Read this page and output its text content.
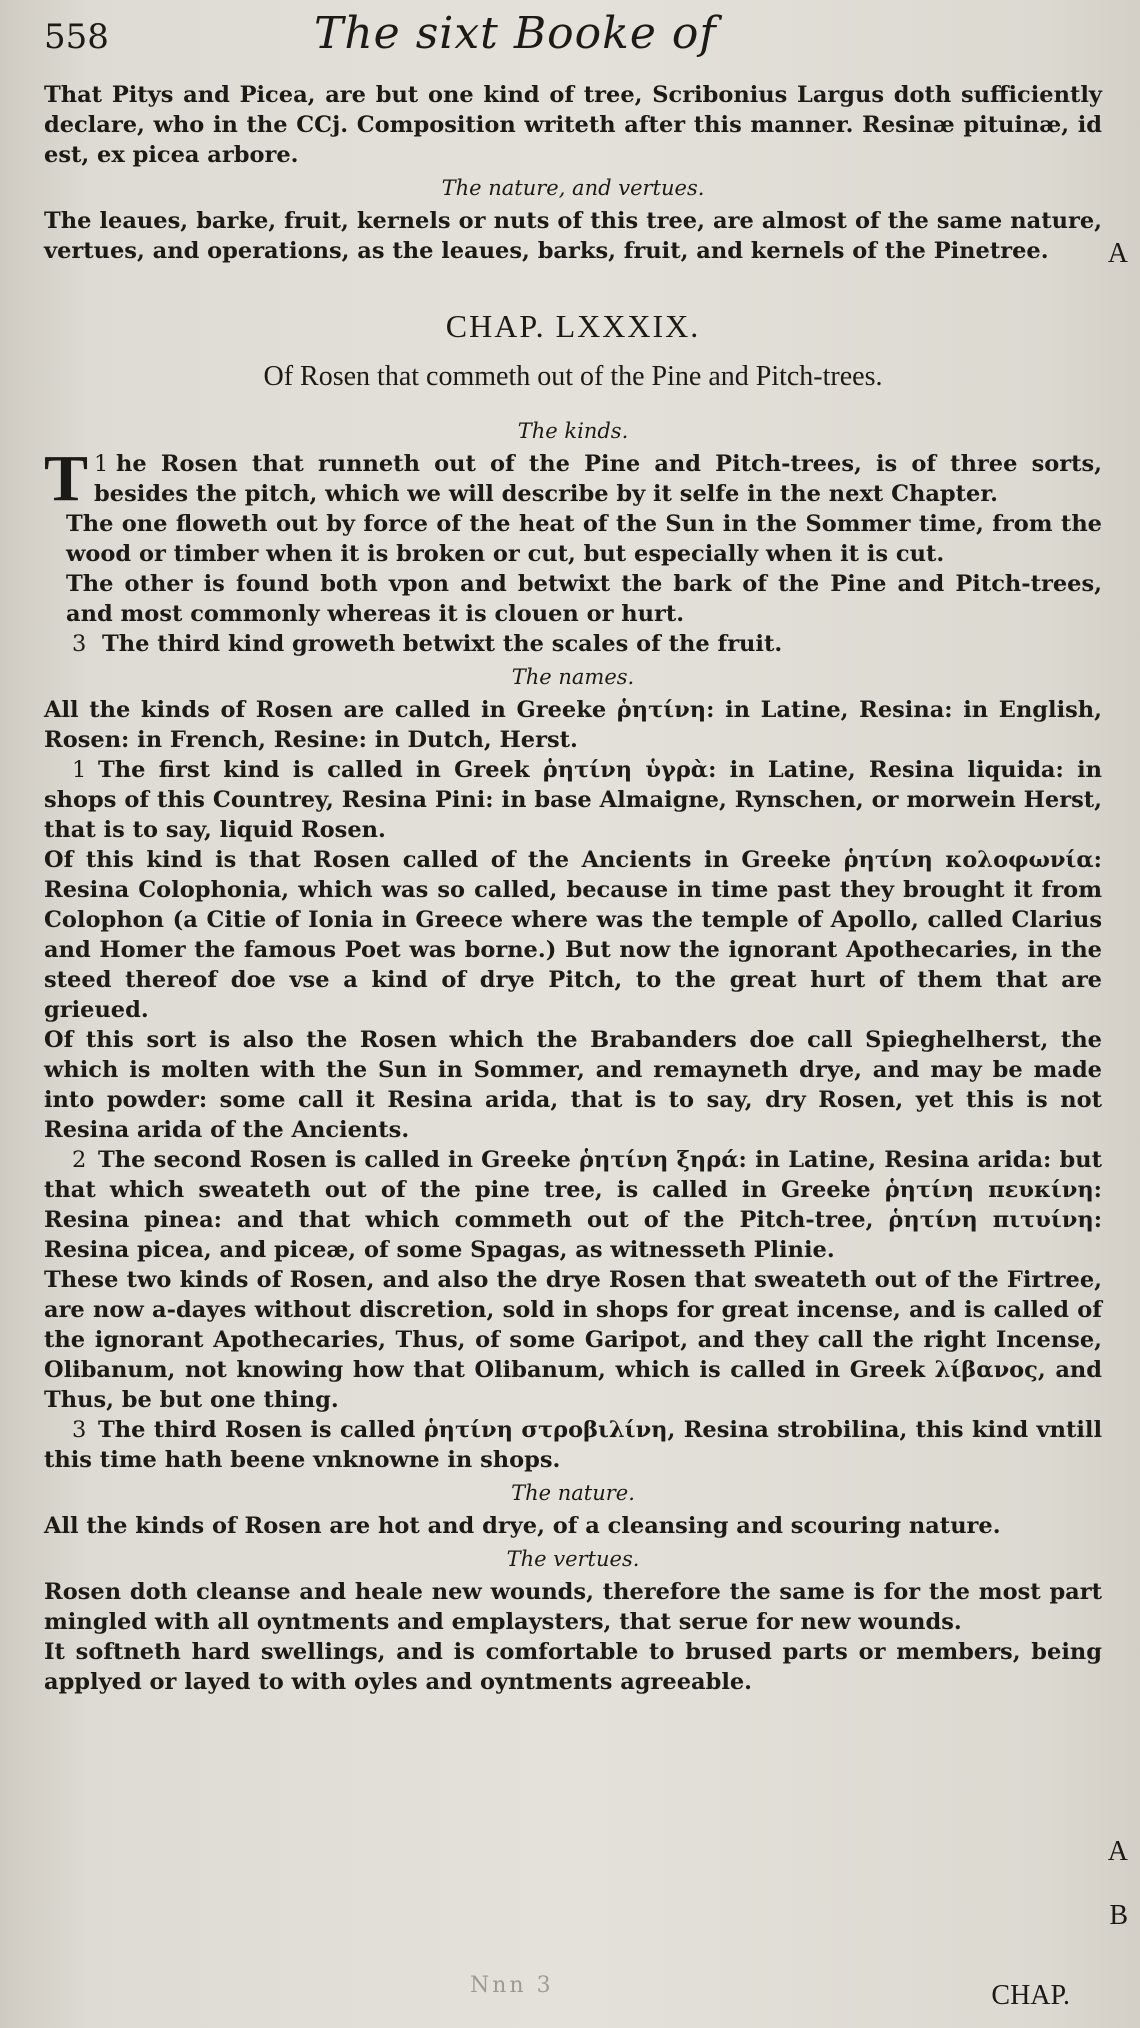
558	The sixt Booke of

That Pitys and Picea, are but one kind of tree, Scribonius Largus doth sufficiently declare, who in the CCj. Composition writeth after this manner. Resinæ pituinæ, id est, ex picea arbore.

The nature, and vertues.

The leaues, barke, fruit, kernels or nuts of this tree, are almost of the same nature, vertues, and operations, as the leaues, barks, fruit, and kernels of the Pinetree.	A
CHAP. LXXXIX.
Of Rosen that commeth out of the Pine and Pitch-trees.
The kinds.

1
T he Rosen that runneth out of the Pine and Pitch-trees, is of three sorts, besides the pitch, which we will describe by it selfe in the next Chapter.

The one floweth out by force of the heat of the Sun in the Sommer time, from the wood or timber when it is broken or cut, but especially when it is cut.

The other is found both vpon and betwixt the bark of the Pine and Pitch-trees, and most commonly whereas it is clouen or hurt.

3 The third kind groweth betwixt the scales of the fruit.

The names.

All the kinds of Rosen are called in Greeke ῥητίνη: in Latine, Resina: in English, Rosen: in French, Resine: in Dutch, Herst.

1 The first kind is called in Greek ῥητίνη ὑγρὰ: in Latine, Resina liquida: in shops of this Countrey, Resina Pini: in base Almaigne, Rynschen, or morwein Herst, that is to say, liquid Rosen.

Of this kind is that Rosen called of the Ancients in Greeke ῥητίνη κολοφωνία: Resina Colophonia, which was so called, because in time past they brought it from Colophon (a Citie of Ionia in Greece where was the temple of Apollo, called Clarius and Homer the famous Poet was borne.) But now the ignorant Apothecaries, in the steed thereof doe vse a kind of drye Pitch, to the great hurt of them that are grieued.

Of this sort is also the Rosen which the Brabanders doe call Spieghelherst, the which is molten with the Sun in Sommer, and remayneth drye, and may be made into powder: some call it Resina arida, that is to say, dry Rosen, yet this is not Resina arida of the Ancients.

2 The second Rosen is called in Greeke ῥητίνη ξηρά: in Latine, Resina arida: but that which sweateth out of the pine tree, is called in Greeke ῥητίνη πευκίνη: Resina pinea: and that which commeth out of the Pitch-tree, ῥητίνη πιτυίνη: Resina picea, and piceæ, of some Spagas, as witnesseth Plinie.

These two kinds of Rosen, and also the drye Rosen that sweateth out of the Firtree, are now a-dayes without discretion, sold in shops for great incense, and is called of the ignorant Apothecaries, Thus, of some Garipot, and they call the right Incense, Olibanum, not knowing how that Olibanum, which is called in Greek λίβανος, and Thus, be but one thing.

3 The third Rosen is called ῥητίνη στροβιλίνη, Resina strobilina, this kind vntill this time hath beene vnknowne in shops.

The nature.

All the kinds of Rosen are hot and drye, of a cleansing and scouring nature.

The vertues.

Rosen doth cleanse and heale new wounds, therefore the same is for the most part mingled with all oyntments and emplaysters, that serue for new wounds.

It softneth hard swellings, and is comfortable to brused parts or members, being applyed or layed to with oyles and oyntments agreeable.

A
B
Nnn 3	CHAP.
